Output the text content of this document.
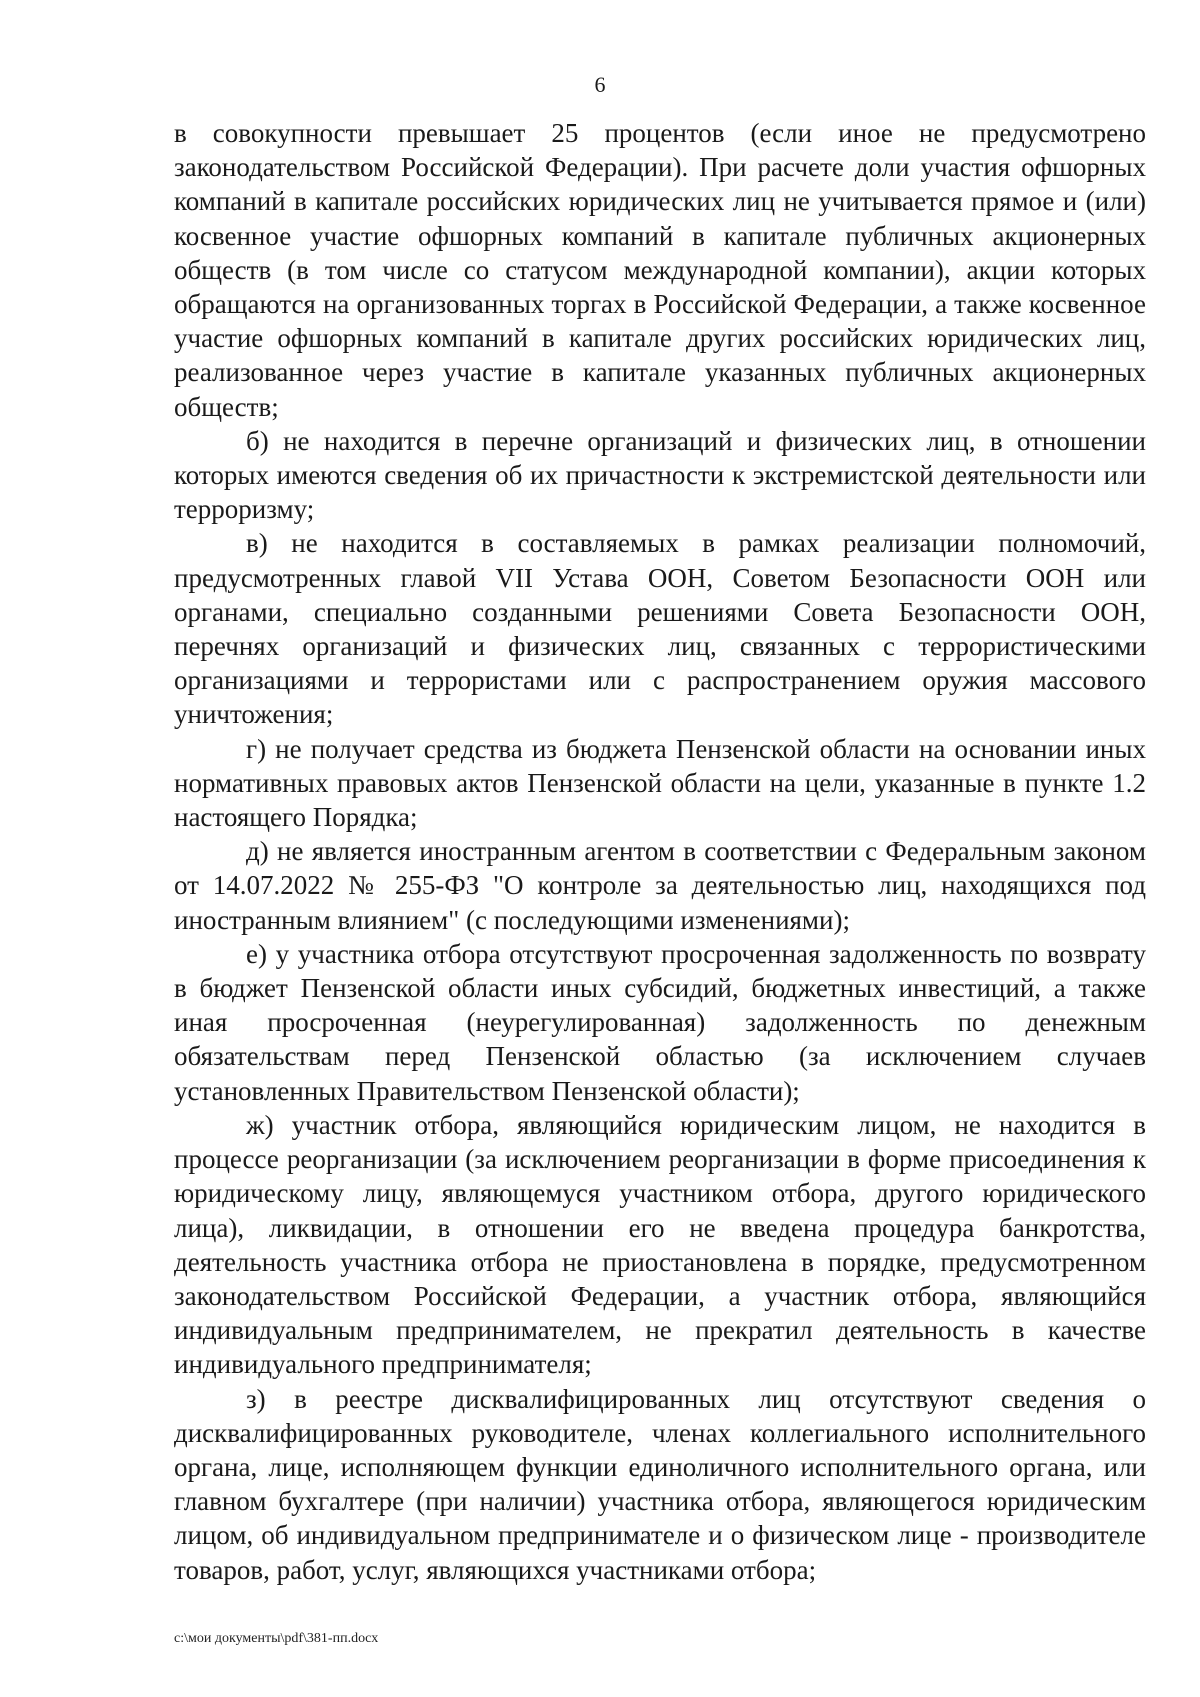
6

в совокупности превышает 25 процентов (если иное не предусмотрено законодательством Российской Федерации). При расчете доли участия офшорных компаний в капитале российских юридических лиц не учитывается прямое и (или) косвенное участие офшорных компаний в капитале публичных акционерных обществ (в том числе со статусом международной компании), акции которых обращаются на организованных торгах в Российской Федерации, а также косвенное участие офшорных компаний в капитале других российских юридических лиц, реализованное через участие в капитале указанных публичных акционерных обществ;

б) не находится в перечне организаций и физических лиц, в отношении которых имеются сведения об их причастности к экстремистской деятельности или терроризму;

в) не находится в составляемых в рамках реализации полномочий, предусмотренных главой VII Устава ООН, Советом Безопасности ООН или органами, специально созданными решениями Совета Безопасности ООН, перечнях организаций и физических лиц, связанных с террористическими организациями и террористами или с распространением оружия массового уничтожения;

г) не получает средства из бюджета Пензенской области на основании иных нормативных правовых актов Пензенской области на цели, указанные в пункте 1.2 настоящего Порядка;

д) не является иностранным агентом в соответствии с Федеральным законом от 14.07.2022 № 255-ФЗ "О контроле за деятельностью лиц, находящихся под иностранным влиянием" (с последующими изменениями);

е) у участника отбора отсутствуют просроченная задолженность по возврату в бюджет Пензенской области иных субсидий, бюджетных инвестиций, а также иная просроченная (неурегулированная) задолженность по денежным обязательствам перед Пензенской областью (за исключением случаев установленных Правительством Пензенской области);

ж) участник отбора, являющийся юридическим лицом, не находится в процессе реорганизации (за исключением реорганизации в форме присоединения к юридическому лицу, являющемуся участником отбора, другого юридического лица), ликвидации, в отношении его не введена процедура банкротства, деятельность участника отбора не приостановлена в порядке, предусмотренном законодательством Российской Федерации, а участник отбора, являющийся индивидуальным предпринимателем, не прекратил деятельность в качестве индивидуального предпринимателя;

з) в реестре дисквалифицированных лиц отсутствуют сведения о дисквалифицированных руководителе, членах коллегиального исполнительного органа, лице, исполняющем функции единоличного исполнительного органа, или главном бухгалтере (при наличии) участника отбора, являющегося юридическим лицом, об индивидуальном предпринимателе и о физическом лице - производителе товаров, работ, услуг, являющихся участниками отбора;

c:\мои документы\pdf\381-пп.docx
